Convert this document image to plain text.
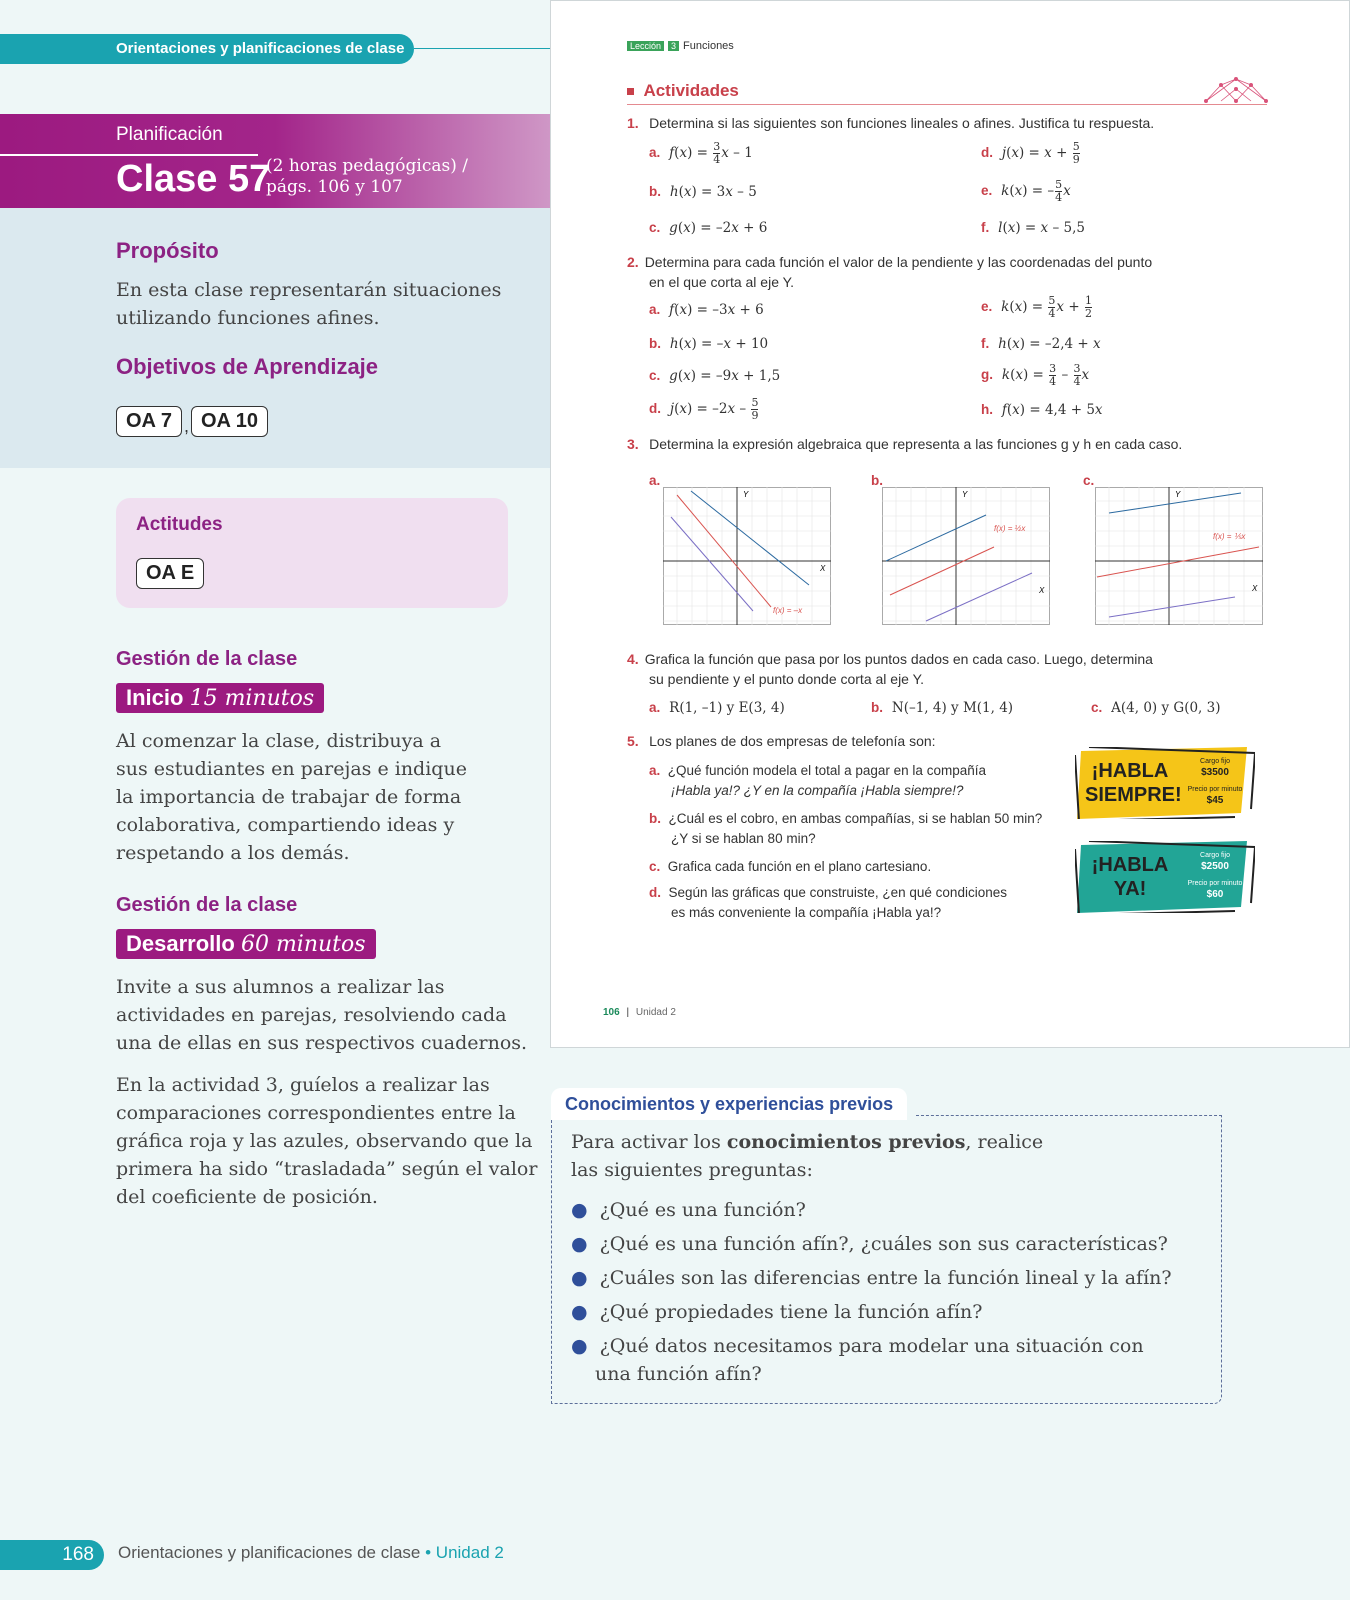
Orientaciones y planificaciones de clase
Planificación
Clase 57
(2 horas pedagógicas) /
págs. 106 y 107
Propósito
En esta clase representarán situaciones
utilizando funciones afines.
Objetivos de Aprendizaje
OA 7 , OA 10
Actitudes
OA E
Gestión de la clase
Inicio 15 minutos
Al comenzar la clase, distribuya a
sus estudiantes en parejas e indique
la importancia de trabajar de forma
colaborativa, compartiendo ideas y
respetando a los demás.
Gestión de la clase
Desarrollo 60 minutos
Invite a sus alumnos a realizar las
actividades en parejas, resolviendo cada
una de ellas en sus respectivos cuadernos.
En la actividad 3, guíelos a realizar las
comparaciones correspondientes entre la
gráfica roja y las azules, observando que la
primera ha sido “trasladada” según el valor
del coeficiente de posición.
Lección	3 Funciones
Actividades
1. Determina si las siguientes son funciones lineales o afines. Justifica tu respuesta.
a. $f(x) = \frac{3}{4}$ x – 1
b. h(x) = 3x – 5
c. g(x) = –2x + 6
d. $j(x) = x + \frac{5}{9}$
e. k(x) = – $\frac{5}{4}$ x
f. l(x) = x – 5,5
2. Determina para cada función el valor de la pendiente y las coordenadas del punto
en el que corta al eje Y.
a. f(x) = –3x + 6
b. h(x) = –x + 10
c. g(x) = –9x + 1,5
d. $j(x) = -2x - \frac{5}{9}$
e. $k(x) = \frac{5}{4}$ $x + \frac{1}{2}$
f. h(x) = –2,4 + x
g. $k(x) = \frac{3}{4} - \frac{3}{4}$ x
h. f(x) = 4,4 + 5x
3. Determina la expresión algebraica que representa a las funciones g y h en cada caso.
a.	b.	c.
X
Y
f(x) = –x
X
Y
f(x) = ½x
X
Y
f(x) = ⅕x
4. Grafica la función que pasa por los puntos dados en cada caso. Luego, determina
su pendiente y el punto donde corta al eje Y.
a. R(1, –1) y E(3, 4)	b. N(–1, 4) y M(1, 4)	c. A(4, 0) y G(0, 3)
5. Los planes de dos empresas de telefonía son:
a. ¿Qué función modela el total a pagar en la compañía
¡Habla ya!? ¿Y en la compañía ¡Habla siempre!?
b. ¿Cuál es el cobro, en ambas compañías, si se hablan 50 min?
¿Y si se hablan 80 min?
c. Grafica cada función en el plano cartesiano.
d. Según las gráficas que construiste, ¿en qué condiciones
es más conveniente la compañía ¡Habla ya!?
¡HABLA
SIEMPRE!
Cargo fijo
$3500
Precio por minuto
$45
¡HABLA
YA!
Cargo fijo
$2500
Precio por minuto
$60
106 | Unidad 2
Conocimientos y experiencias previos
Para activar los conocimientos previos, realice
las siguientes preguntas:
● ¿Qué es una función?
● ¿Qué es una función afín?, ¿cuáles son sus características?
● ¿Cuáles son las diferencias entre la función lineal y la afín?
● ¿Qué propiedades tiene la función afín?
● ¿Qué datos necesitamos para modelar una situación con
una función afín?
168	Orientaciones y planificaciones de clase • Unidad 2
